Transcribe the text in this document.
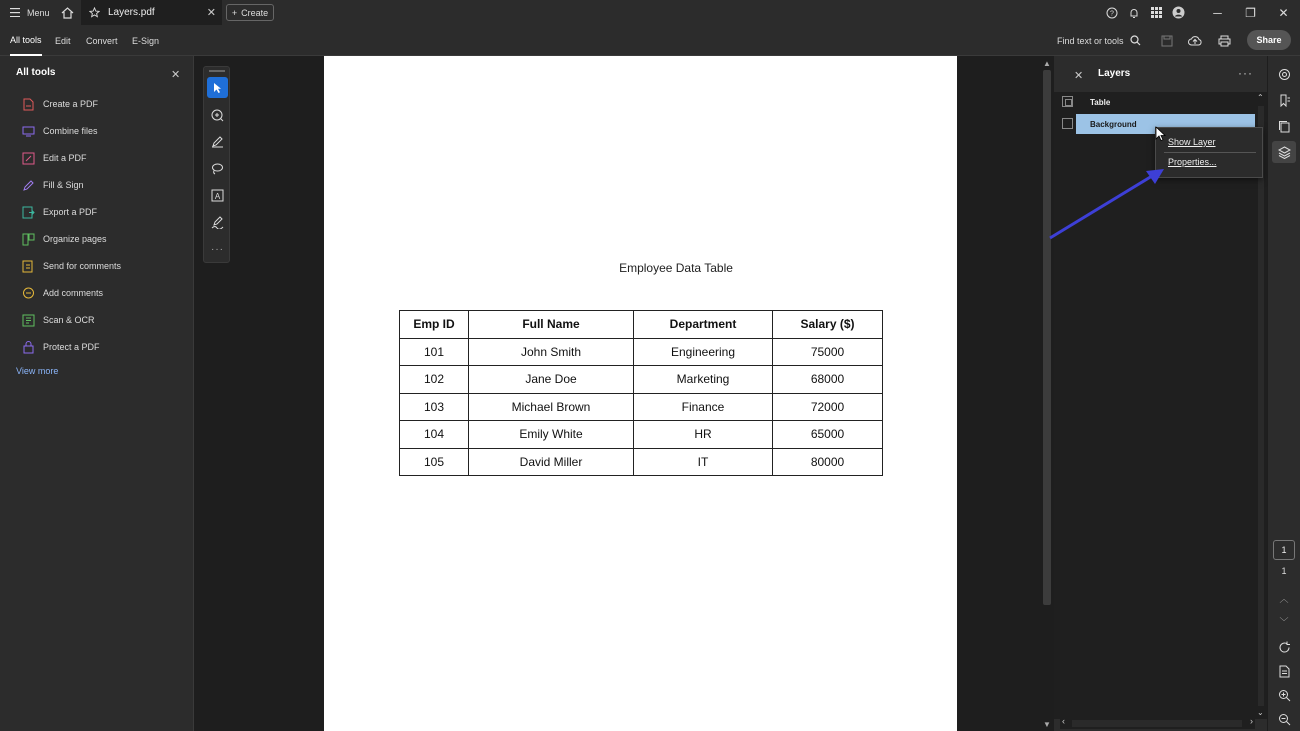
Menu	Layers.pdf	✕ + Create	?	─	❐	✕
All tools Edit Convert E-Sign	Find text or tools	Share
All tools	✕
Create a PDF
Combine files
Edit a PDF
Fill & Sign
Export a PDF
Organize pages
Send for comments
Add comments
Scan & OCR
Protect a PDF
View more
Employee Data Table
Emp ID	Full Name	Department	Salary ($)
101	John Smith	Engineering	75000
102	Jane Doe	Marketing	68000
103	Michael Brown	Finance	72000
104	Emily White	HR	65000
105	David Miller	IT	80000
A
···
▲
▼
✕ Layers	···
Table
Background
⌃
⌄
‹	›
Show Layer
Properties...
1
1
︿
﹀
